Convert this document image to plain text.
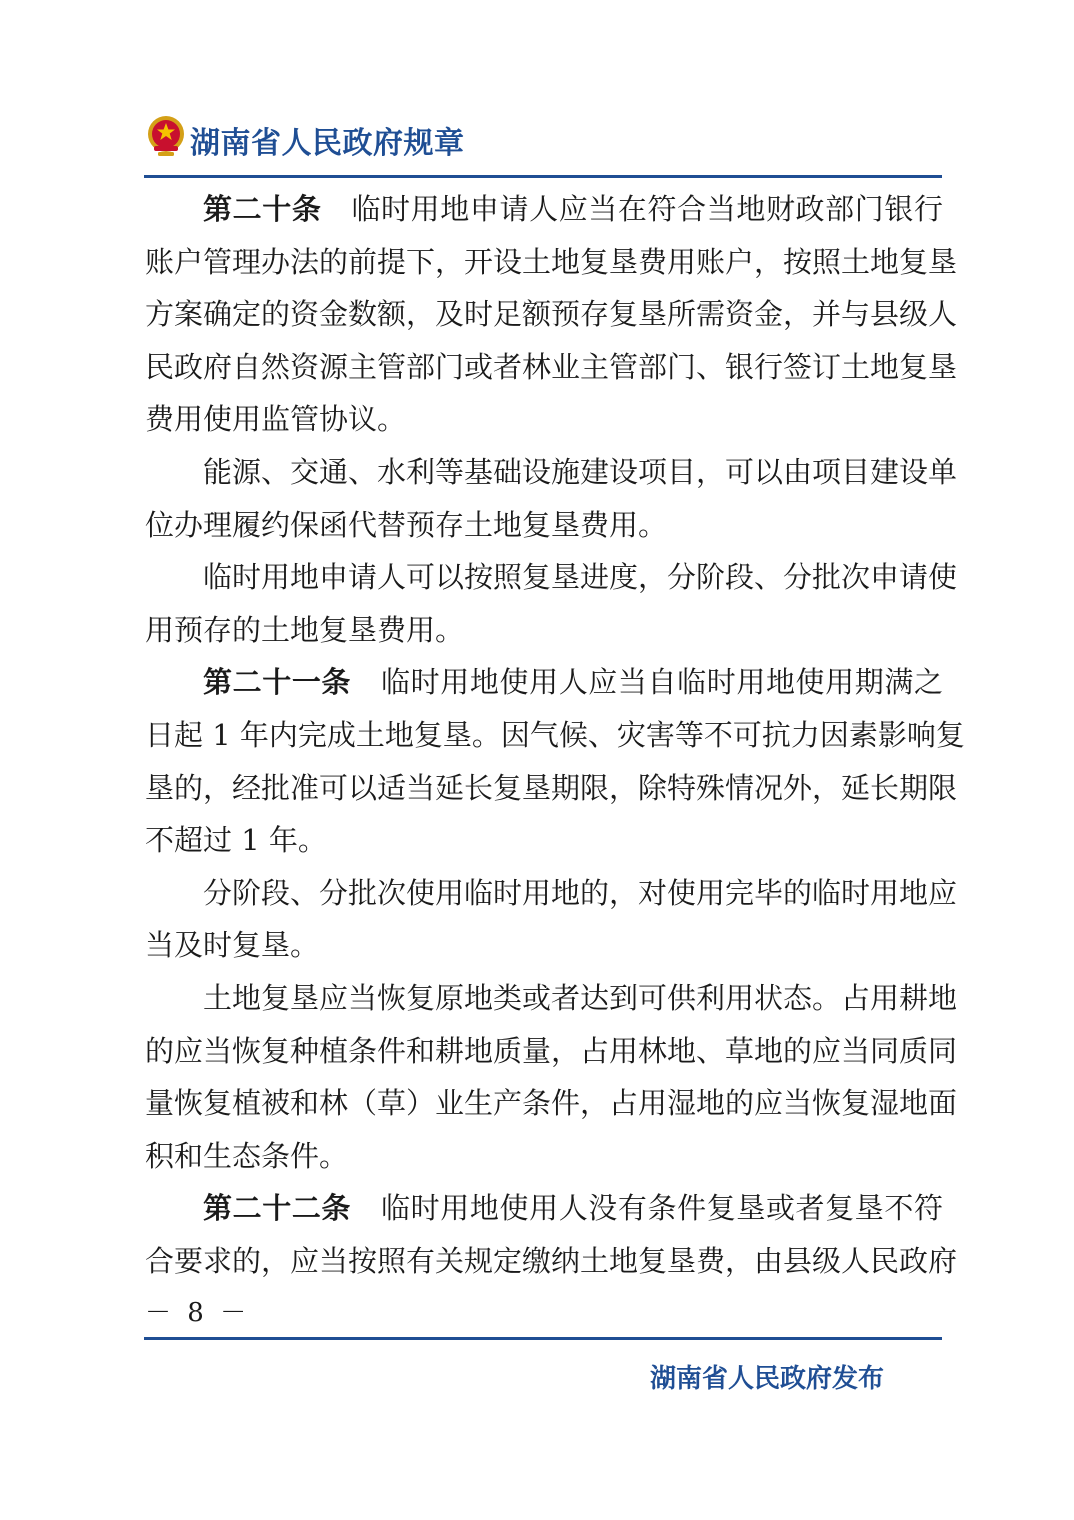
湖南省人民政府规章
第二十条 临时用地申请人应当在符合当地财政部门银行
账户管理办法的前提下，开设土地复垦费用账户，按照土地复垦
方案确定的资金数额，及时足额预存复垦所需资金，并与县级人
民政府自然资源主管部门或者林业主管部门、银行签订土地复垦
费用使用监管协议。
能源、交通、水利等基础设施建设项目，可以由项目建设单
位办理履约保函代替预存土地复垦费用。
临时用地申请人可以按照复垦进度，分阶段、分批次申请使
用预存的土地复垦费用。
第二十一条 临时用地使用人应当自临时用地使用期满之
日起 1 年内完成土地复垦。因气候、灾害等不可抗力因素影响复
垦的，经批准可以适当延长复垦期限，除特殊情况外，延长期限
不超过 1 年。
分阶段、分批次使用临时用地的，对使用完毕的临时用地应
当及时复垦。
土地复垦应当恢复原地类或者达到可供利用状态。占用耕地
的应当恢复种植条件和耕地质量，占用林地、草地的应当同质同
量恢复植被和林（草）业生产条件，占用湿地的应当恢复湿地面
积和生态条件。
第二十二条 临时用地使用人没有条件复垦或者复垦不符
合要求的，应当按照有关规定缴纳土地复垦费，由县级人民政府
－ 8 －
湖南省人民政府发布
